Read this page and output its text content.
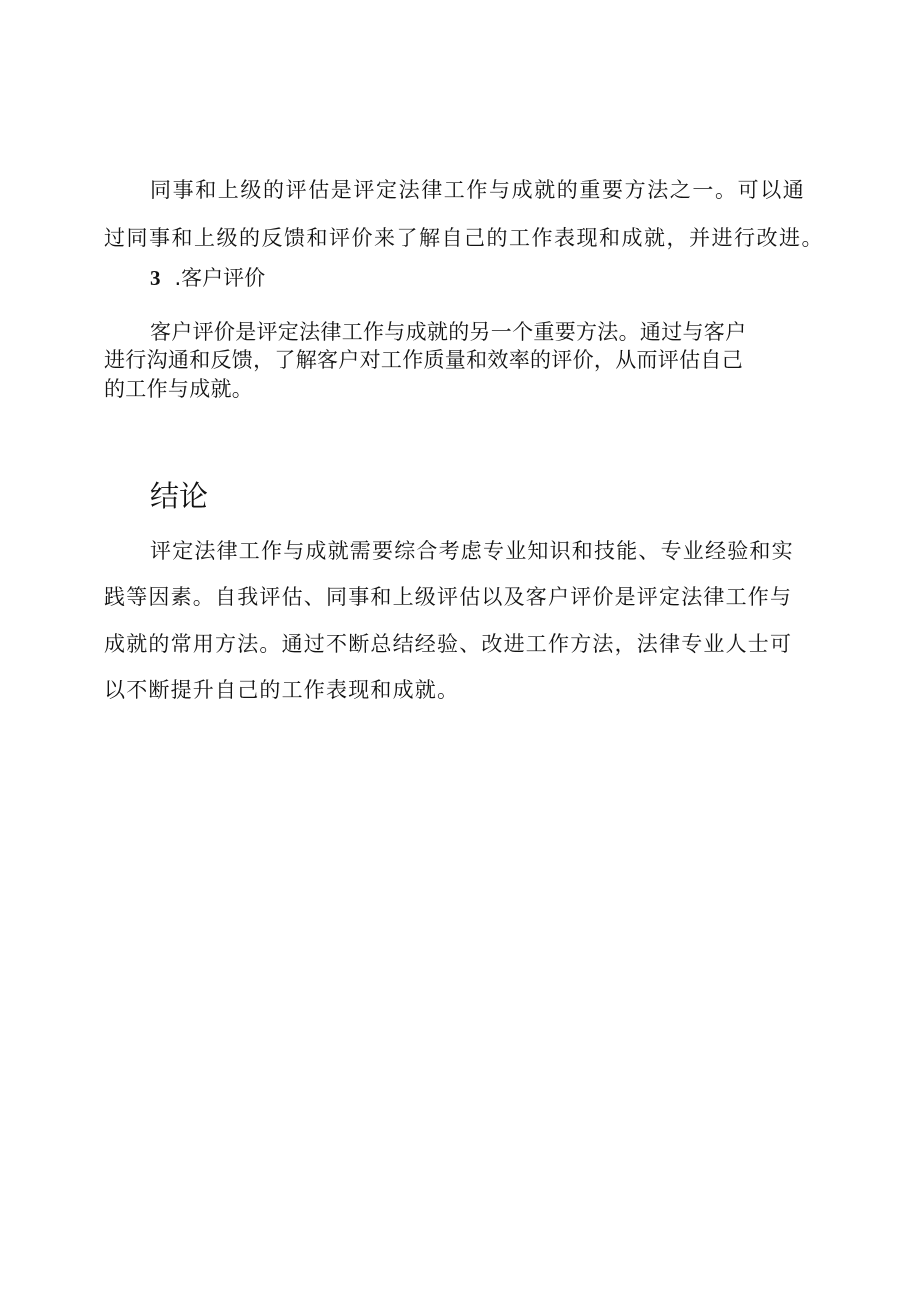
同事和上级的评估是评定法律工作与成就的重要方法之一。可以通
过同事和上级的反馈和评价来了解自己的工作表现和成就，并进行改进。
3 .客户评价
客户评价是评定法律工作与成就的另一个重要方法。通过与客户
进行沟通和反馈，了解客户对工作质量和效率的评价，从而评估自己
的工作与成就。
结论
评定法律工作与成就需要综合考虑专业知识和技能、专业经验和实
践等因素。自我评估、同事和上级评估以及客户评价是评定法律工作与
成就的常用方法。通过不断总结经验、改进工作方法，法律专业人士可
以不断提升自己的工作表现和成就。
